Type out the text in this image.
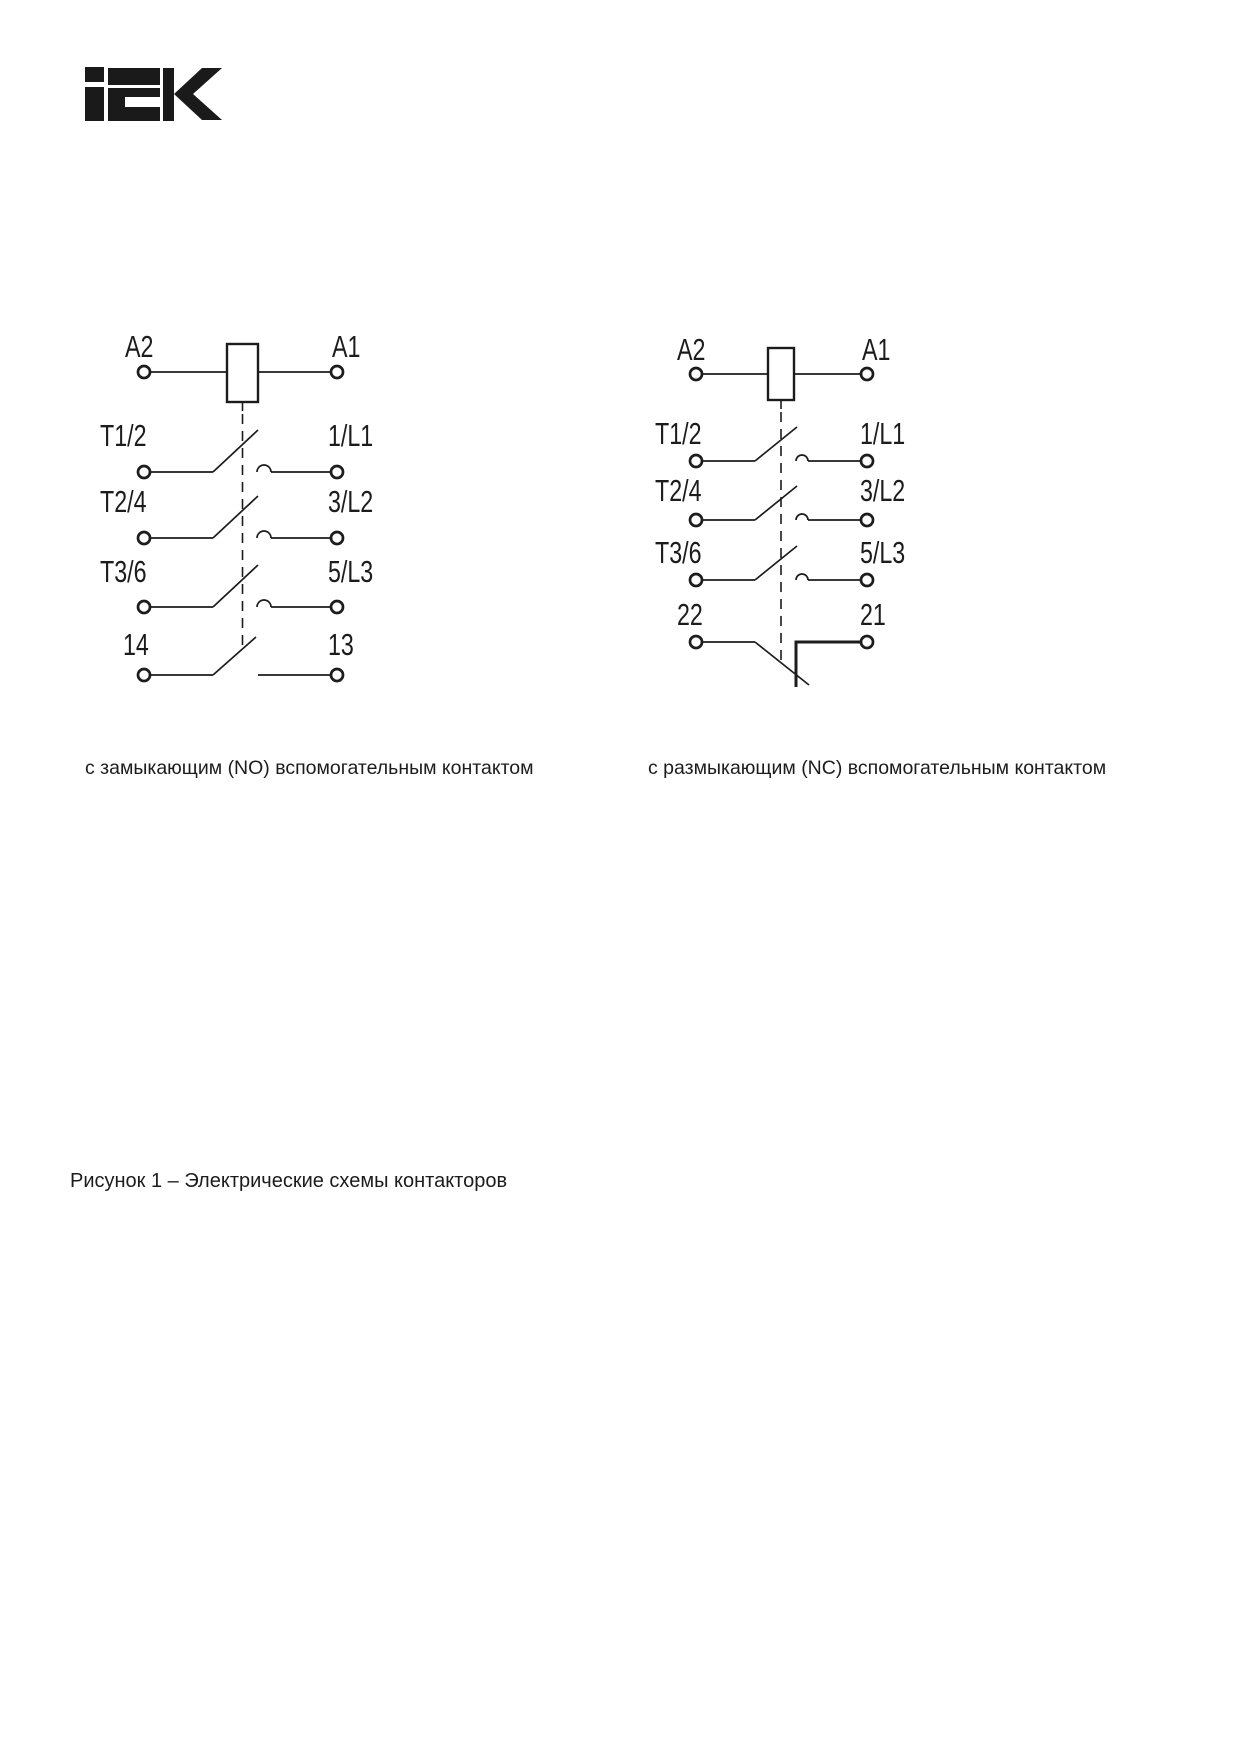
A2	A1
T1/2	1/L1
T2/4	3/L2
T3/6	5/L3
14	13
A2	A1
T1/2	1/L1
T2/4	3/L2
T3/6	5/L3
22	21
с замыкающим (NO) вспомогательным контактом	с размыкающим (NC) вспомогательным контактом
Рисунок 1 – Электрические схемы контакторов
